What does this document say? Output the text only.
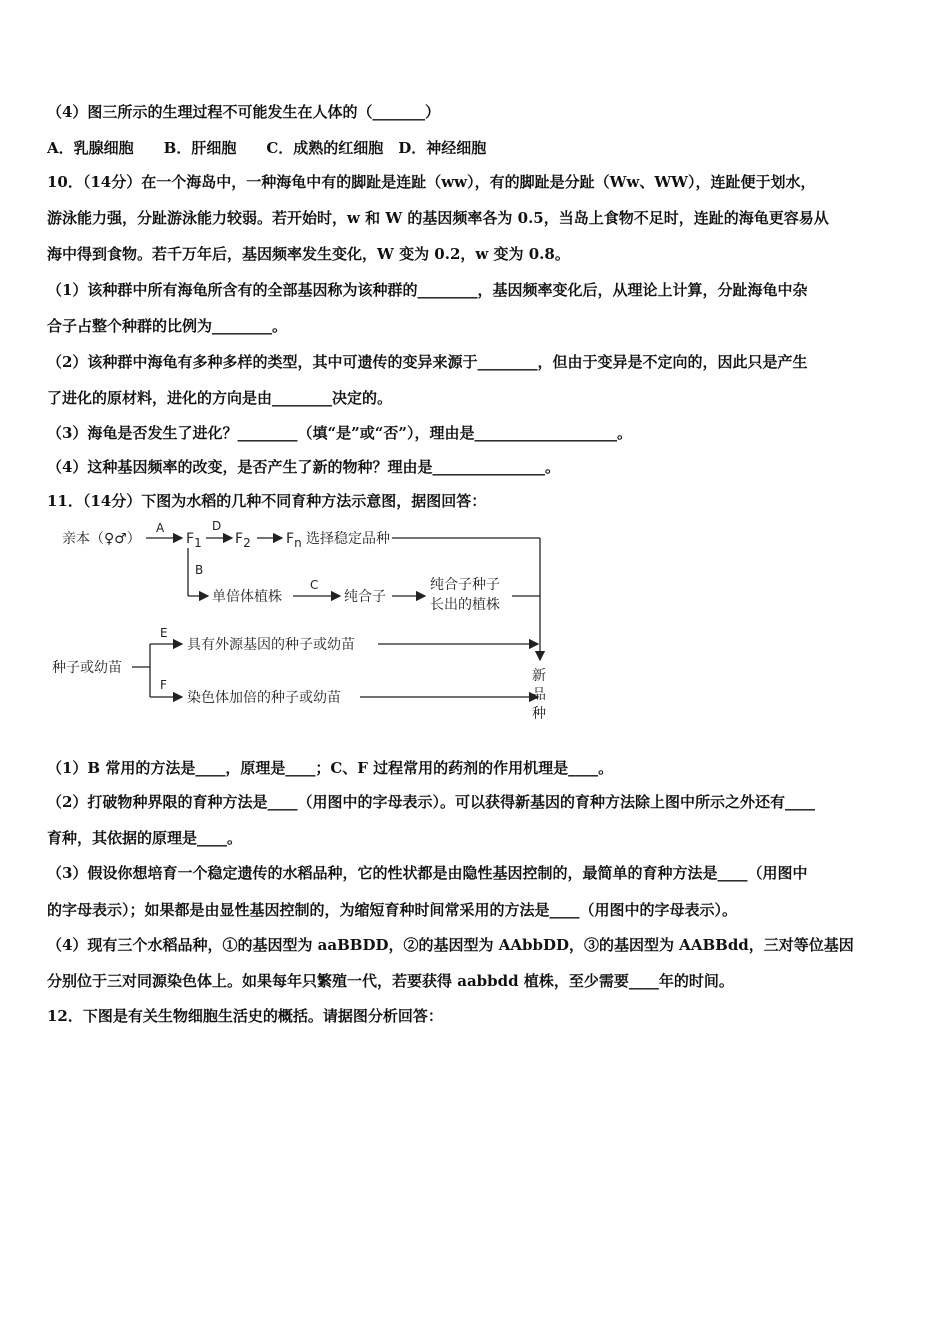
（4）图三所示的生理过程不可能发生在人体的（_______）
A．乳腺细胞　　B．肝细胞　　C．成熟的红细胞　D．神经细胞
10．（14分）在一个海岛中，一种海龟中有的脚趾是连趾（ww），有的脚趾是分趾（Ww、WW），连趾便于划水，
游泳能力强，分趾游泳能力较弱。若开始时，w 和 W 的基因频率各为 0.5，当岛上食物不足时，连趾的海龟更容易从
海中得到食物。若千万年后，基因频率发生变化，W 变为 0.2，w 变为 0.8。
（1）该种群中所有海龟所含有的全部基因称为该种群的________，基因频率变化后，从理论上计算，分趾海龟中杂
合子占整个种群的比例为________。
（2）该种群中海龟有多种多样的类型，其中可遗传的变异来源于________，但由于变异是不定向的，因此只是产生
了进化的原材料，进化的方向是由________决定的。
（3）海龟是否发生了进化？________（填“是”或“否”），理由是___________________。
（4）这种基因频率的改变，是否产生了新的物种？理由是_______________。
11．（14分）下图为水稻的几种不同育种方法示意图，据图回答：
亲本（♀♂）
A
F1
D
F2	Fn 选择稳定品种
B
单倍体植株
C
纯合子
纯合子种子
长出的植株
种子或幼苗
E
具有外源基因的种子或幼苗
F
染色体加倍的种子或幼苗
新
品
种
（1）B 常用的方法是____，原理是____；C、F 过程常用的药剂的作用机理是____。
（2）打破物种界限的育种方法是____（用图中的字母表示）。可以获得新基因的育种方法除上图中所示之外还有____
育种，其依据的原理是____。
（3）假设你想培育一个稳定遗传的水稻品种，它的性状都是由隐性基因控制的，最简单的育种方法是____（用图中
的字母表示）；如果都是由显性基因控制的，为缩短育种时间常采用的方法是____（用图中的字母表示）。
（4）现有三个水稻品种，①的基因型为 aaBBDD，②的基因型为 AAbbDD，③的基因型为 AABBdd，三对等位基因
分别位于三对同源染色体上。如果每年只繁殖一代，若要获得 aabbdd 植株，至少需要____年的时间。
12．下图是有关生物细胞生活史的概括。请据图分析回答：
